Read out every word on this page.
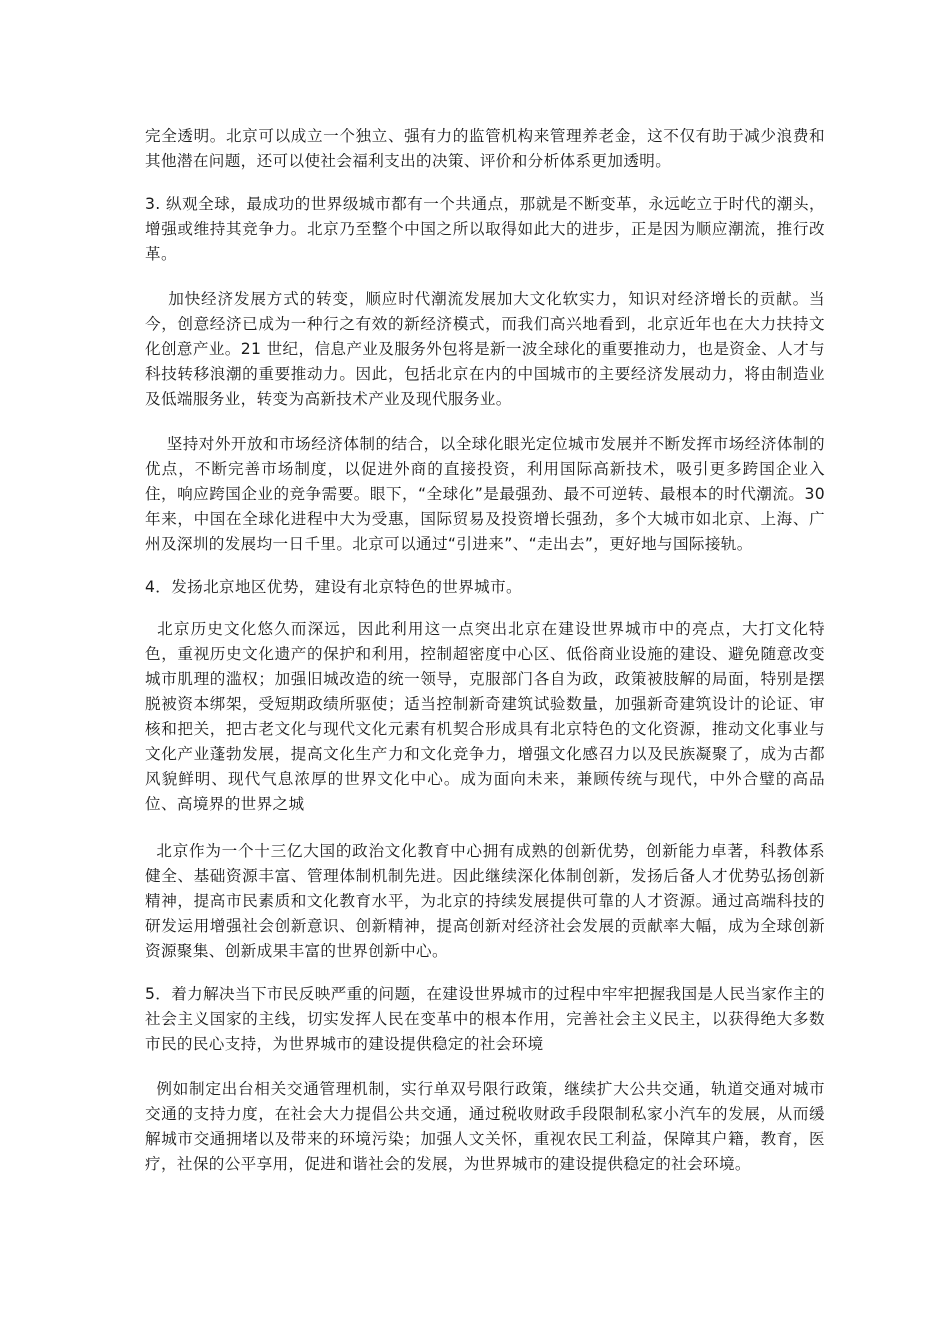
完全透明。北京可以成立一个独立、强有力的监管机构来管理养老金，这不仅有助于减少浪费和其他潜在问题，还可以使社会福利支出的决策、评价和分析体系更加透明。

3. 纵观全球，最成功的世界级城市都有一个共通点，那就是不断变革，永远屹立于时代的潮头，增强或维持其竞争力。北京乃至整个中国之所以取得如此大的进步，正是因为顺应潮流，推行改革。

加快经济发展方式的转变，顺应时代潮流发展加大文化软实力，知识对经济增长的贡献。当今，创意经济已成为一种行之有效的新经济模式，而我们高兴地看到，北京近年也在大力扶持文化创意产业。21 世纪，信息产业及服务外包将是新一波全球化的重要推动力，也是资金、人才与科技转移浪潮的重要推动力。因此，包括北京在内的中国城市的主要经济发展动力，将由制造业及低端服务业，转变为高新技术产业及现代服务业。

坚持对外开放和市场经济体制的结合，以全球化眼光定位城市发展并不断发挥市场经济体制的优点，不断完善市场制度，以促进外商的直接投资，利用国际高新技术，吸引更多跨国企业入住，响应跨国企业的竞争需要。眼下，“全球化”是最强劲、最不可逆转、最根本的时代潮流。30 年来，中国在全球化进程中大为受惠，国际贸易及投资增长强劲，多个大城市如北京、上海、广州及深圳的发展均一日千里。北京可以通过“引进来”、“走出去”，更好地与国际接轨。

4．发扬北京地区优势，建设有北京特色的世界城市。

北京历史文化悠久而深远，因此利用这一点突出北京在建设世界城市中的亮点，大打文化特色，重视历史文化遗产的保护和利用，控制超密度中心区、低俗商业设施的建设、避免随意改变城市肌理的滥权；加强旧城改造的统一领导，克服部门各自为政，政策被肢解的局面，特别是摆脱被资本绑架，受短期政绩所驱使；适当控制新奇建筑试验数量，加强新奇建筑设计的论证、审核和把关，把古老文化与现代文化元素有机契合形成具有北京特色的文化资源，推动文化事业与文化产业蓬勃发展，提高文化生产力和文化竞争力，增强文化感召力以及民族凝聚了，成为古都风貌鲜明、现代气息浓厚的世界文化中心。成为面向未来，兼顾传统与现代，中外合璧的高品位、高境界的世界之城

北京作为一个十三亿大国的政治文化教育中心拥有成熟的创新优势，创新能力卓著，科教体系健全、基础资源丰富、管理体制机制先进。因此继续深化体制创新，发扬后备人才优势弘扬创新精神，提高市民素质和文化教育水平，为北京的持续发展提供可靠的人才资源。通过高端科技的研发运用增强社会创新意识、创新精神，提高创新对经济社会发展的贡献率大幅，成为全球创新资源聚集、创新成果丰富的世界创新中心。

5．着力解决当下市民反映严重的问题，在建设世界城市的过程中牢牢把握我国是人民当家作主的社会主义国家的主线，切实发挥人民在变革中的根本作用，完善社会主义民主，以获得绝大多数市民的民心支持，为世界城市的建设提供稳定的社会环境

例如制定出台相关交通管理机制，实行单双号限行政策，继续扩大公共交通，轨道交通对城市交通的支持力度，在社会大力提倡公共交通，通过税收财政手段限制私家小汽车的发展，从而缓解城市交通拥堵以及带来的环境污染；加强人文关怀，重视农民工利益，保障其户籍，教育，医疗，社保的公平享用，促进和谐社会的发展，为世界城市的建设提供稳定的社会环境。
